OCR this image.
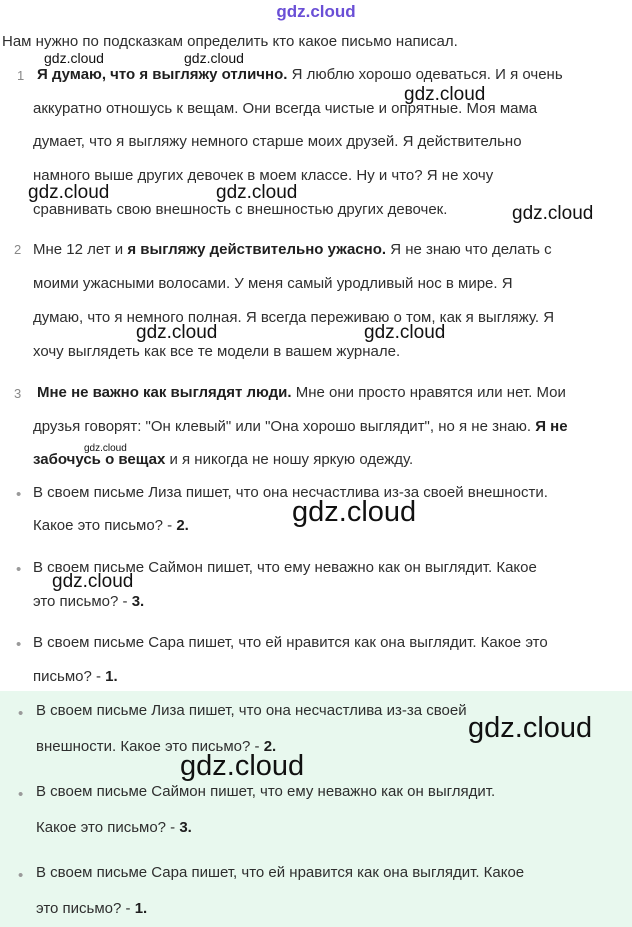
gdz.cloud
Нам нужно по подсказкам определить кто какое письмо написал.
1 Я думаю, что я выгляжу отлично. Я люблю хорошо одеваться. И я очень
аккуратно отношусь к вещам. Они всегда чистые и опрятные. Моя мама
думает, что я выгляжу немного старше моих друзей. Я действительно
намного выше других девочек в моем классе. Ну и что? Я не хочу
сравнивать свою внешность с внешностью других девочек.
2 Мне 12 лет и я выгляжу действительно ужасно. Я не знаю что делать с
моими ужасными волосами. У меня самый уродливый нос в мире. Я
думаю, что я немного полная. Я всегда переживаю о том, как я выгляжу. Я
хочу выглядеть как все те модели в вашем журнале.
3 Мне не важно как выглядят люди. Мне они просто нравятся или нет. Мои
друзья говорят: "Он клевый" или "Она хорошо выглядит", но я не знаю. Я не
забочусь о вещах и я никогда не ношу яркую одежду.
• В своем письме Лиза пишет, что она несчастлива из-за своей внешности.
Какое это письмо? - 2.
• В своем письме Саймон пишет, что ему неважно как он выглядит. Какое
это письмо? - 3.
• В своем письме Сара пишет, что ей нравится как она выглядит. Какое это
письмо? - 1.
• В своем письме Лиза пишет, что она несчастлива из-за своей
внешности. Какое это письмо? - 2.
• В своем письме Саймон пишет, что ему неважно как он выглядит.
Какое это письмо? - 3.
• В своем письме Сара пишет, что ей нравится как она выглядит. Какое
это письмо? - 1.
gdz.cloud	gdz.cloud
gdz.cloud
gdz.cloud	gdz.cloud
gdz.cloud
gdz.cloud	gdz.cloud
gdz.cloud
gdz.cloud
gdz.cloud
gdz.cloud
gdz.cloud
